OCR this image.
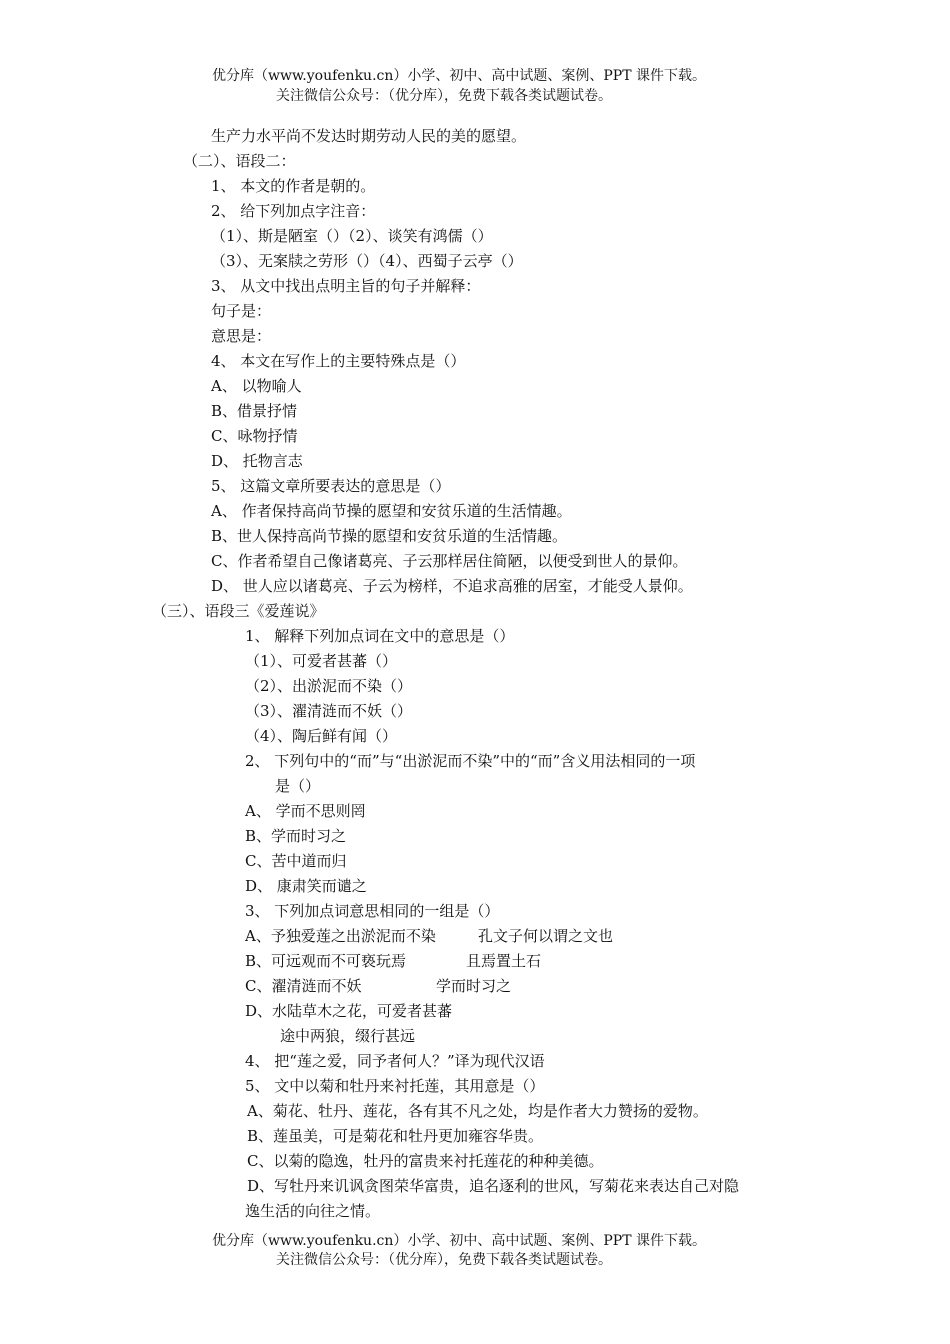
优分库（www.youfenku.cn）小学、初中、高中试题、案例、PPT 课件下载。
关注微信公众号：（优分库），免费下载各类试题试卷。
生产力水平尚不发达时期劳动人民的美的愿望。
（二）、语段二：
1、 本文的作者是朝的。
2、 给下列加点字注音：
（1）、斯是陋室（）（2）、谈笑有鸿儒（）
（3）、无案牍之劳形（）（4）、西蜀子云亭（）
3、 从文中找出点明主旨的句子并解释：
句子是：
意思是：
4、 本文在写作上的主要特殊点是（）
A、 以物喻人
B、借景抒情
C、咏物抒情
D、 托物言志
5、 这篇文章所要表达的意思是（）
A、 作者保持高尚节操的愿望和安贫乐道的生活情趣。
B、世人保持高尚节操的愿望和安贫乐道的生活情趣。
C、作者希望自己像诸葛亮、子云那样居住简陋，以便受到世人的景仰。
D、 世人应以诸葛亮、子云为榜样，不追求高雅的居室，才能受人景仰。
（三）、语段三《爱莲说》
1、 解释下列加点词在文中的意思是（）
（1）、可爱者甚蕃（）
（2）、出淤泥而不染（）
（3）、濯清涟而不妖（）
（4）、陶后鲜有闻（）
2、 下列句中的“而”与“出淤泥而不染”中的“而”含义用法相同的一项
是（）
A、 学而不思则罔
B、学而时习之
C、苦中道而归
D、 康肃笑而谴之
3、 下列加点词意思相同的一组是（）
A、予独爱莲之出淤泥而不染	孔文子何以谓之文也
B、可远观而不可亵玩焉	且焉置土石
C、濯清涟而不妖	学而时习之
D、水陆草木之花，可爱者甚蕃
途中两狼，缀行甚远
4、 把“莲之爱，同予者何人？”译为现代汉语
5、 文中以菊和牡丹来衬托莲，其用意是（）
A、菊花、牡丹、莲花，各有其不凡之处，均是作者大力赞扬的爱物。
B、莲虽美，可是菊花和牡丹更加雍容华贵。
C、以菊的隐逸，牡丹的富贵来衬托莲花的种种美德。
D、写牡丹来讥讽贪图荣华富贵，追名逐利的世风，写菊花来表达自己对隐
逸生活的向往之情。
优分库（www.youfenku.cn）小学、初中、高中试题、案例、PPT 课件下载。
关注微信公众号：（优分库），免费下载各类试题试卷。
